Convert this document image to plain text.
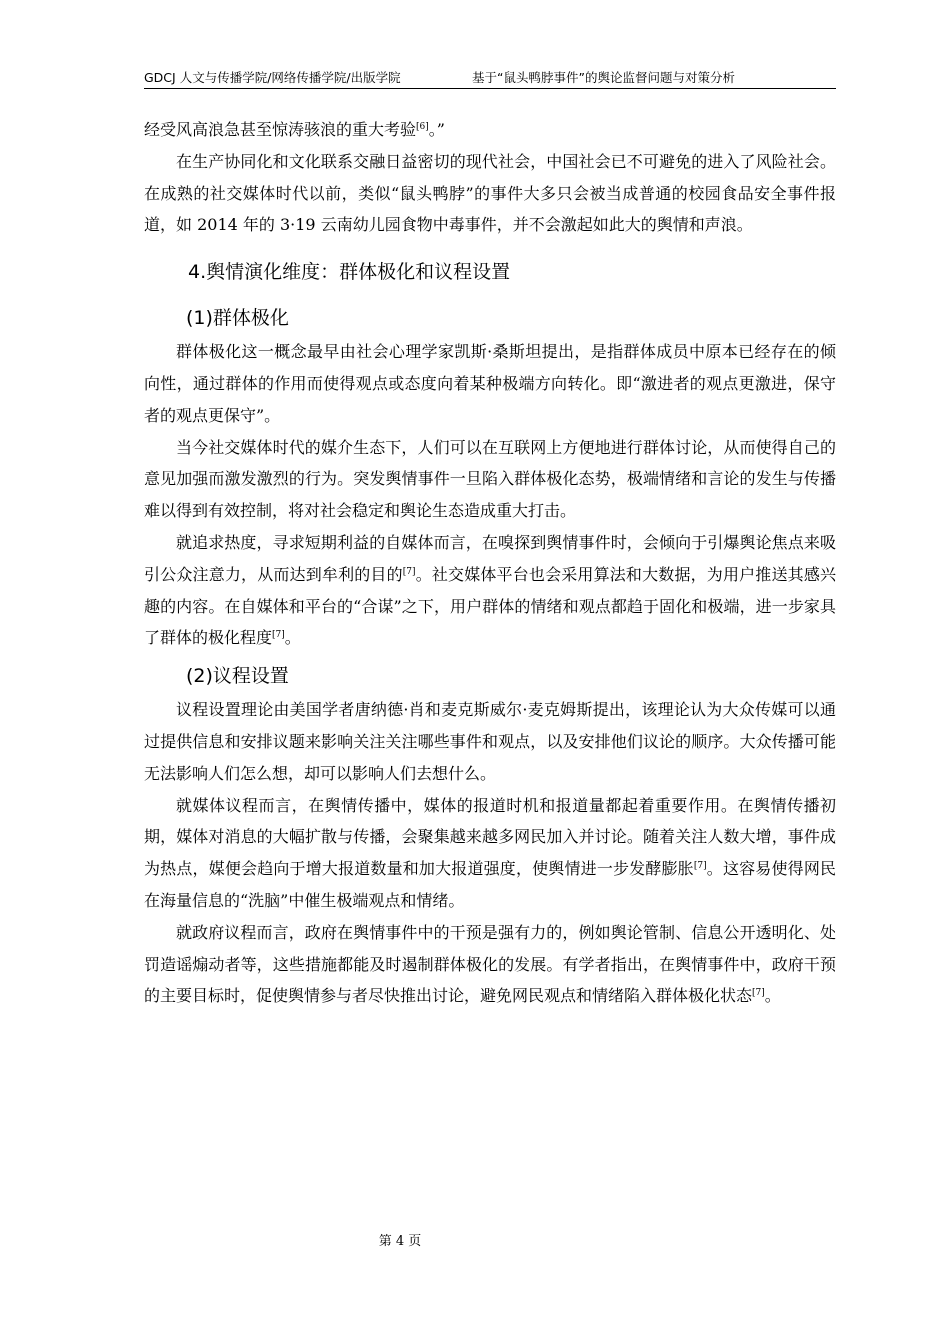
GDCJ 人文与传播学院/网络传播学院/出版学院	基于“鼠头鸭脖事件”的舆论监督问题与对策分析

经受风高浪急甚至惊涛骇浪的重大考验[6]。”

在生产协同化和文化联系交融日益密切的现代社会，中国社会已不可避免的进入了风险社会。在成熟的社交媒体时代以前，类似“鼠头鸭脖”的事件大多只会被当成普通的校园食品安全事件报道，如 2014 年的 3·19 云南幼儿园食物中毒事件，并不会激起如此大的舆情和声浪。

4.舆情演化维度：群体极化和议程设置
(1)群体极化

群体极化这一概念最早由社会心理学家凯斯·桑斯坦提出，是指群体成员中原本已经存在的倾向性，通过群体的作用而使得观点或态度向着某种极端方向转化。即“激进者的观点更激进，保守者的观点更保守”。

当今社交媒体时代的媒介生态下，人们可以在互联网上方便地进行群体讨论，从而使得自己的意见加强而激发激烈的行为。突发舆情事件一旦陷入群体极化态势，极端情绪和言论的发生与传播难以得到有效控制，将对社会稳定和舆论生态造成重大打击。

就追求热度，寻求短期利益的自媒体而言，在嗅探到舆情事件时，会倾向于引爆舆论焦点来吸引公众注意力，从而达到牟利的目的[7]。社交媒体平台也会采用算法和大数据，为用户推送其感兴趣的内容。在自媒体和平台的“合谋”之下，用户群体的情绪和观点都趋于固化和极端，进一步家具了群体的极化程度[7]。

(2)议程设置

议程设置理论由美国学者唐纳德·肖和麦克斯威尔·麦克姆斯提出，该理论认为大众传媒可以通过提供信息和安排议题来影响关注关注哪些事件和观点，以及安排他们议论的顺序。大众传播可能无法影响人们怎么想，却可以影响人们去想什么。

就媒体议程而言，在舆情传播中，媒体的报道时机和报道量都起着重要作用。在舆情传播初期，媒体对消息的大幅扩散与传播，会聚集越来越多网民加入并讨论。随着关注人数大增，事件成为热点，媒便会趋向于增大报道数量和加大报道强度，使舆情进一步发酵膨胀[7]。这容易使得网民在海量信息的“洗脑”中催生极端观点和情绪。

就政府议程而言，政府在舆情事件中的干预是强有力的，例如舆论管制、信息公开透明化、处罚造谣煽动者等，这些措施都能及时遏制群体极化的发展。有学者指出，在舆情事件中，政府干预的主要目标时，促使舆情参与者尽快推出讨论，避免网民观点和情绪陷入群体极化状态[7]。

第 4 页
